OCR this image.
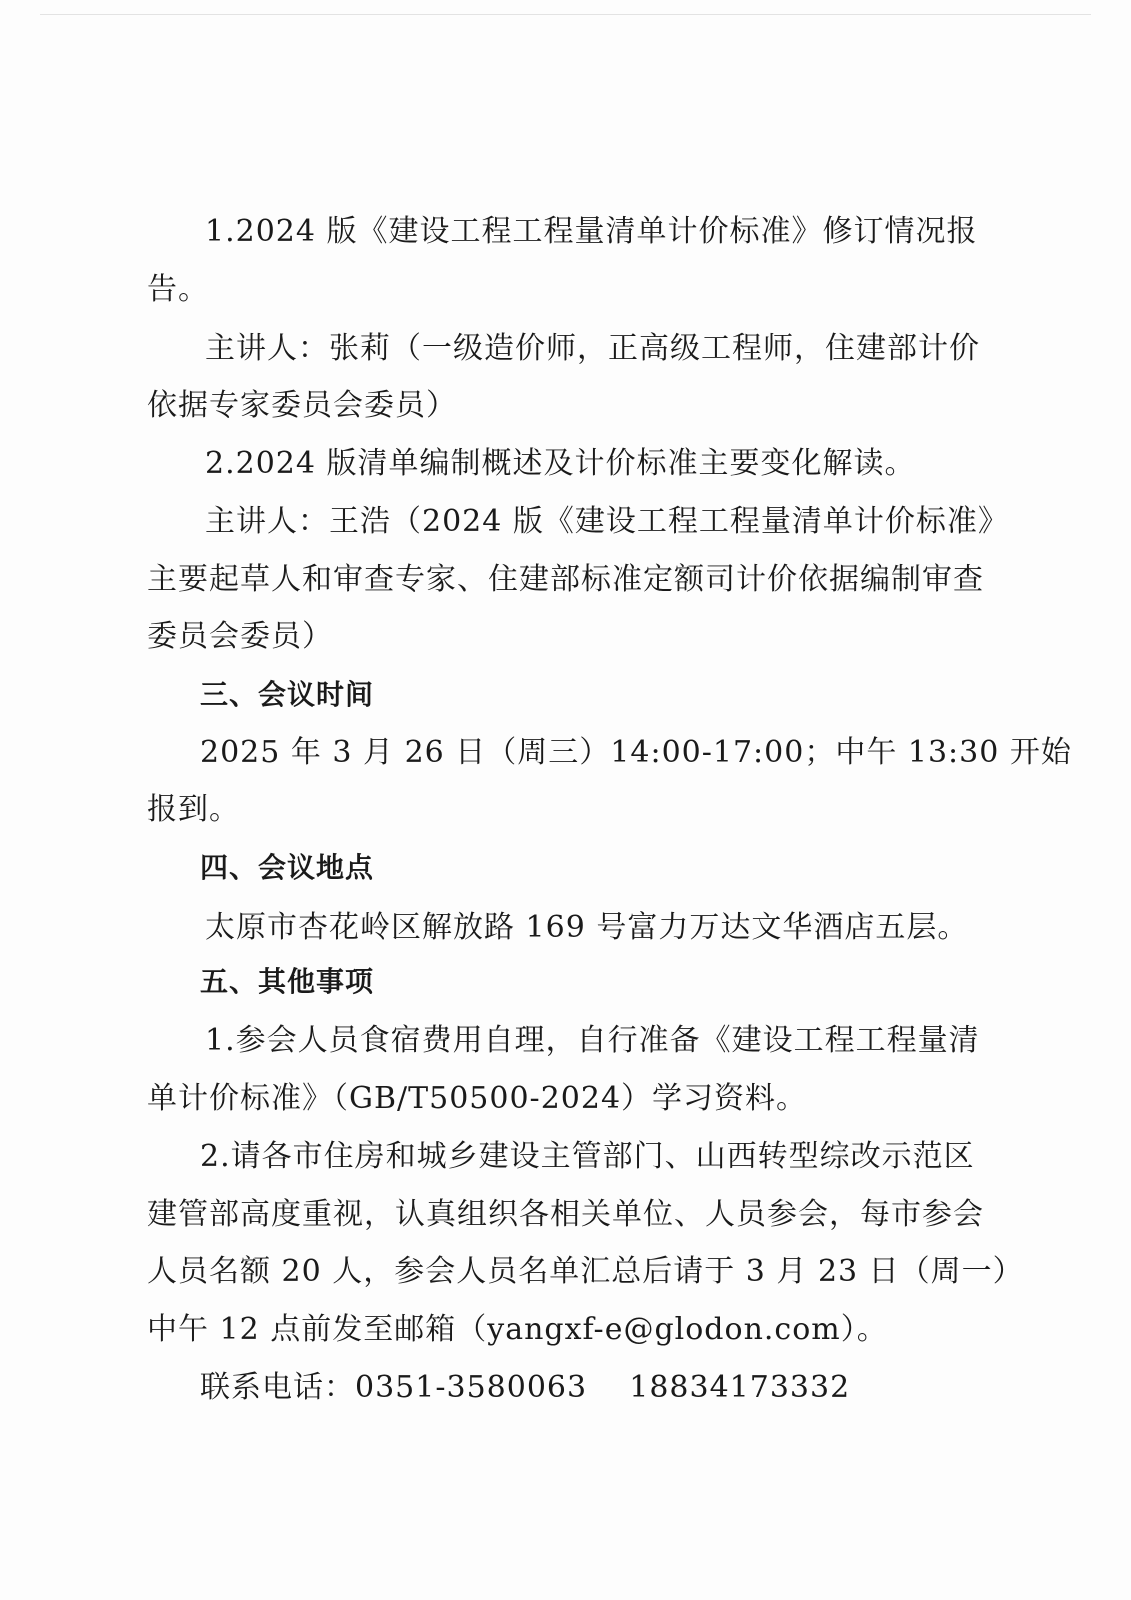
1.2024 版《建设工程工程量清单计价标准》修订情况报
告。
主讲人：张莉（一级造价师，正高级工程师，住建部计价
依据专家委员会委员）
2.2024 版清单编制概述及计价标准主要变化解读。
主讲人：王浩（2024 版《建设工程工程量清单计价标准》
主要起草人和审查专家、住建部标准定额司计价依据编制审查
委员会委员）
三、会议时间
2025 年 3 月 26 日（周三）14:00-17:00；中午 13:30 开始
报到。
四、会议地点
太原市杏花岭区解放路 169 号富力万达文华酒店五层。
五、其他事项
1.参会人员食宿费用自理，自行准备《建设工程工程量清
单计价标准》（GB/T50500-2024）学习资料。
2.请各市住房和城乡建设主管部门、山西转型综改示范区
建管部高度重视，认真组织各相关单位、人员参会，每市参会
人员名额 20 人，参会人员名单汇总后请于 3 月 23 日（周一）
中午 12 点前发至邮箱（yangxf-e@glodon.com）。
联系电话：0351-3580063    18834173332
